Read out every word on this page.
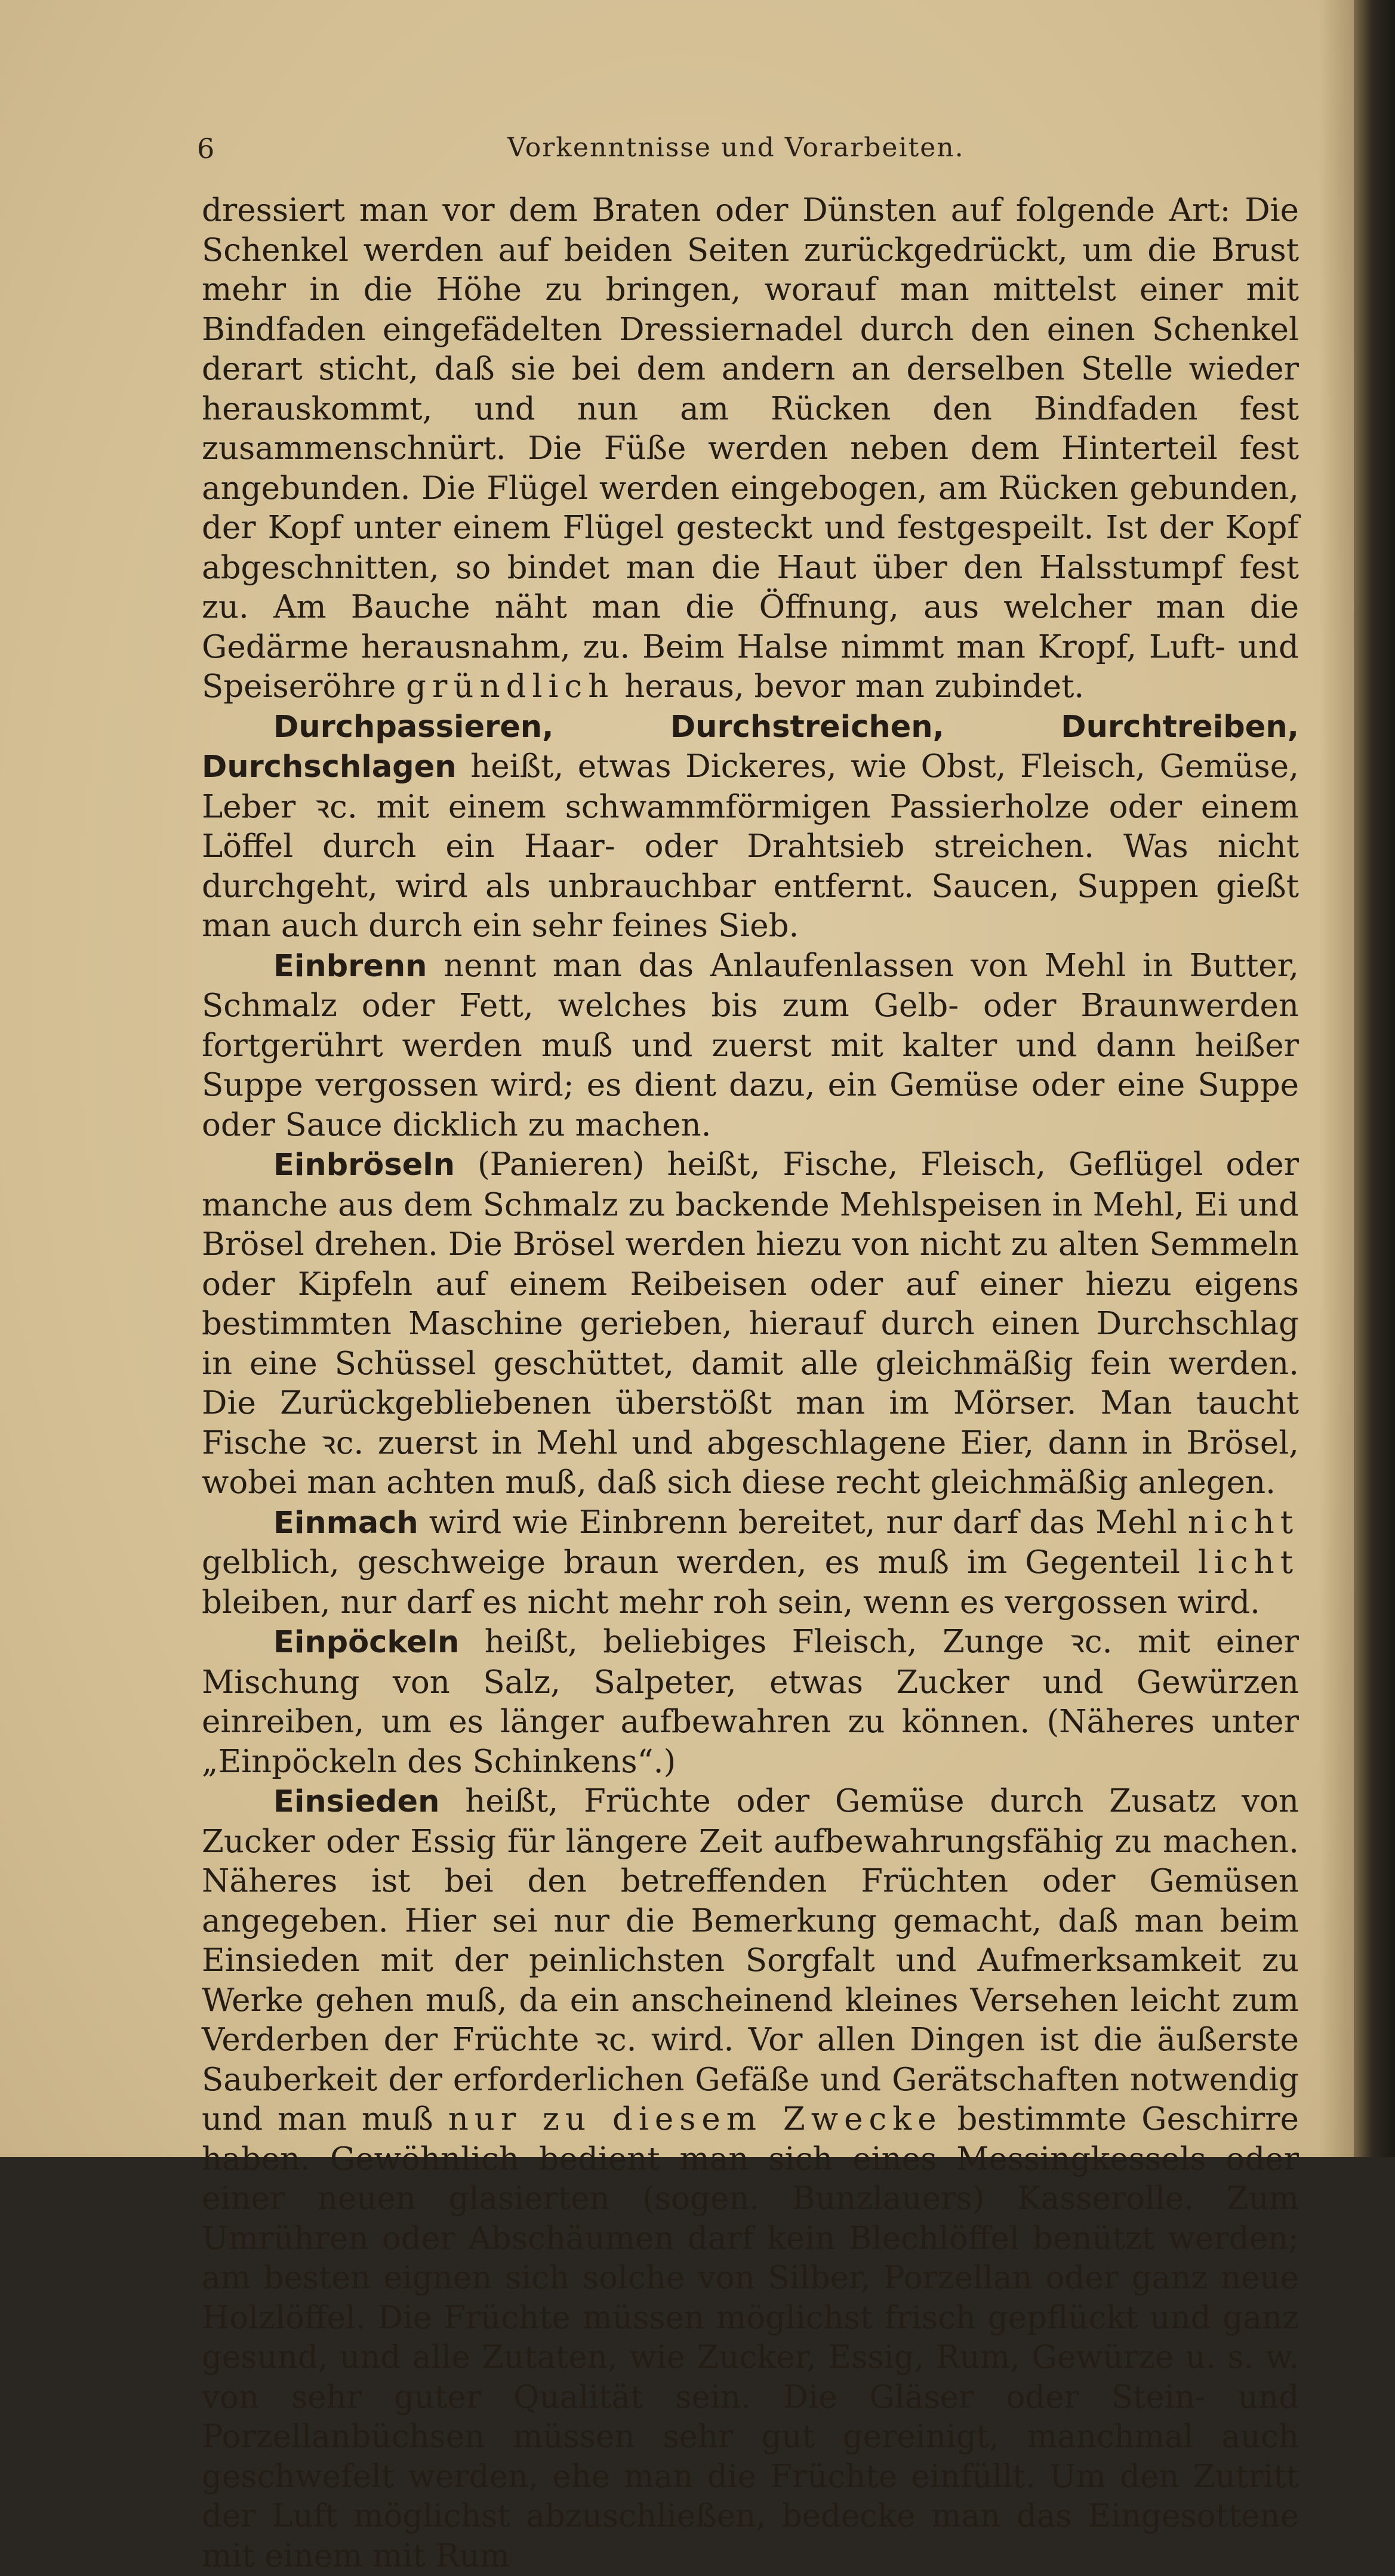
6	Vorkenntnisse und Vorarbeiten.

dressiert man vor dem Braten oder Dünsten auf folgende Art: Die Schenkel werden auf beiden Seiten zurückgedrückt, um die Brust mehr in die Höhe zu bringen, worauf man mittelst einer mit Bindfaden eingefädelten Dressiernadel durch den einen Schenkel derart sticht, daß sie bei dem andern an derselben Stelle wieder herauskommt, und nun am Rücken den Bindfaden fest zusammenschnürt. Die Füße werden neben dem Hinterteil fest angebunden. Die Flügel werden eingebogen, am Rücken gebunden, der Kopf unter einem Flügel gesteckt und festgespeilt. Ist der Kopf abgeschnitten, so bindet man die Haut über den Halsstumpf fest zu. Am Bauche näht man die Öffnung, aus welcher man die Gedärme herausnahm, zu. Beim Halse nimmt man Kropf, Luft- und Speiseröhre gründlich heraus, bevor man zubindet.

Durchpassieren, Durchstreichen, Durchtreiben, Durchschlagen heißt, etwas Dickeres, wie Obst, Fleisch, Gemüse, Leber ꝛc. mit einem schwammförmigen Passierholze oder einem Löffel durch ein Haar- oder Drahtsieb streichen. Was nicht durchgeht, wird als unbrauchbar entfernt. Saucen, Suppen gießt man auch durch ein sehr feines Sieb.

Einbrenn nennt man das Anlaufenlassen von Mehl in Butter, Schmalz oder Fett, welches bis zum Gelb- oder Braunwerden fortgerührt werden muß und zuerst mit kalter und dann heißer Suppe vergossen wird; es dient dazu, ein Gemüse oder eine Suppe oder Sauce dicklich zu machen.

Einbröseln (Panieren) heißt, Fische, Fleisch, Geflügel oder manche aus dem Schmalz zu backende Mehlspeisen in Mehl, Ei und Brösel drehen. Die Brösel werden hiezu von nicht zu alten Semmeln oder Kipfeln auf einem Reibeisen oder auf einer hiezu eigens bestimmten Maschine gerieben, hierauf durch einen Durchschlag in eine Schüssel geschüttet, damit alle gleichmäßig fein werden. Die Zurückgebliebenen überstößt man im Mörser. Man taucht Fische ꝛc. zuerst in Mehl und abgeschlagene Eier, dann in Brösel, wobei man achten muß, daß sich diese recht gleichmäßig anlegen.

Einmach wird wie Einbrenn bereitet, nur darf das Mehl nicht gelblich, geschweige braun werden, es muß im Gegenteil licht bleiben, nur darf es nicht mehr roh sein, wenn es vergossen wird.

Einpöckeln heißt, beliebiges Fleisch, Zunge ꝛc. mit einer Mischung von Salz, Salpeter, etwas Zucker und Gewürzen einreiben, um es länger aufbewahren zu können. (Näheres unter „Einpöckeln des Schinkens“.)

Einsieden heißt, Früchte oder Gemüse durch Zusatz von Zucker oder Essig für längere Zeit aufbewahrungsfähig zu machen. Näheres ist bei den betreffenden Früchten oder Gemüsen angegeben. Hier sei nur die Bemerkung gemacht, daß man beim Einsieden mit der peinlichsten Sorgfalt und Aufmerksamkeit zu Werke gehen muß, da ein anscheinend kleines Versehen leicht zum Verderben der Früchte ꝛc. wird. Vor allen Dingen ist die äußerste Sauberkeit der erforderlichen Gefäße und Gerätschaften notwendig und man muß nur zu diesem Zwecke bestimmte Geschirre haben. Gewöhnlich bedient man sich eines Messingkessels oder einer neuen glasierten (sogen. Bunzlauers) Kasserolle. Zum Umrühren oder Abschäumen darf kein Blechlöffel benützt werden; am besten eignen sich solche von Silber, Porzellan oder ganz neue Holzlöffel. Die Früchte müssen möglichst frisch gepflückt und ganz gesund, und alle Zutaten, wie Zucker, Essig, Rum, Gewürze u. s. w. von sehr guter Qualität sein. Die Gläser oder Stein- und Porzellanbüchsen müssen sehr gut gereinigt, manchmal auch geschwefelt werden, ehe man die Früchte einfüllt. Um den Zutritt der Luft möglichst abzuschließen, bedecke man das Eingesottene mit einem mit Rum
